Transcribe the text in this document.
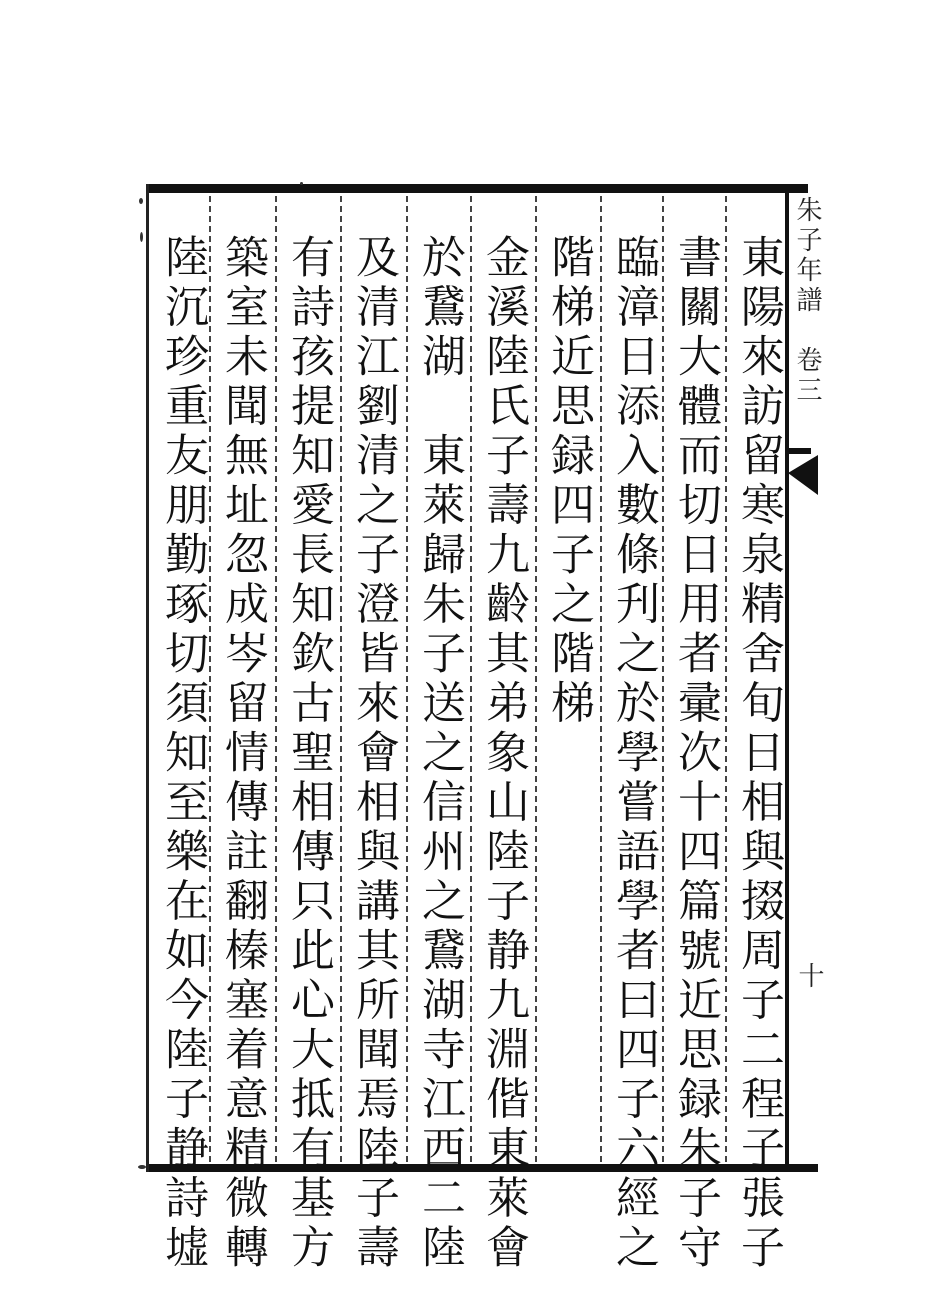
東陽來訪留寒泉精舍旬日相與掇周子二程子張子
書關大體而切日用者彚次十四篇號近思録朱子守
臨漳日添入數條刋之於學嘗語學者曰四子六經之
階梯近思録四子之階梯
金溪陸氏子壽九齡其弟象山陸子静九淵偕東萊會
於鵞湖　東萊歸朱子送之信州之鵞湖寺江西二陸
及清江劉清之子澄皆來會相與講其所聞焉陸子壽
有詩孩提知愛長知欽古聖相傳只此心大抵有基方
築室未聞無址忽成岑留情傳註翻榛塞着意精微轉
陸沉珍重友朋勤琢切須知至樂在如今陸子静詩墟	朱子年譜　卷三
十
